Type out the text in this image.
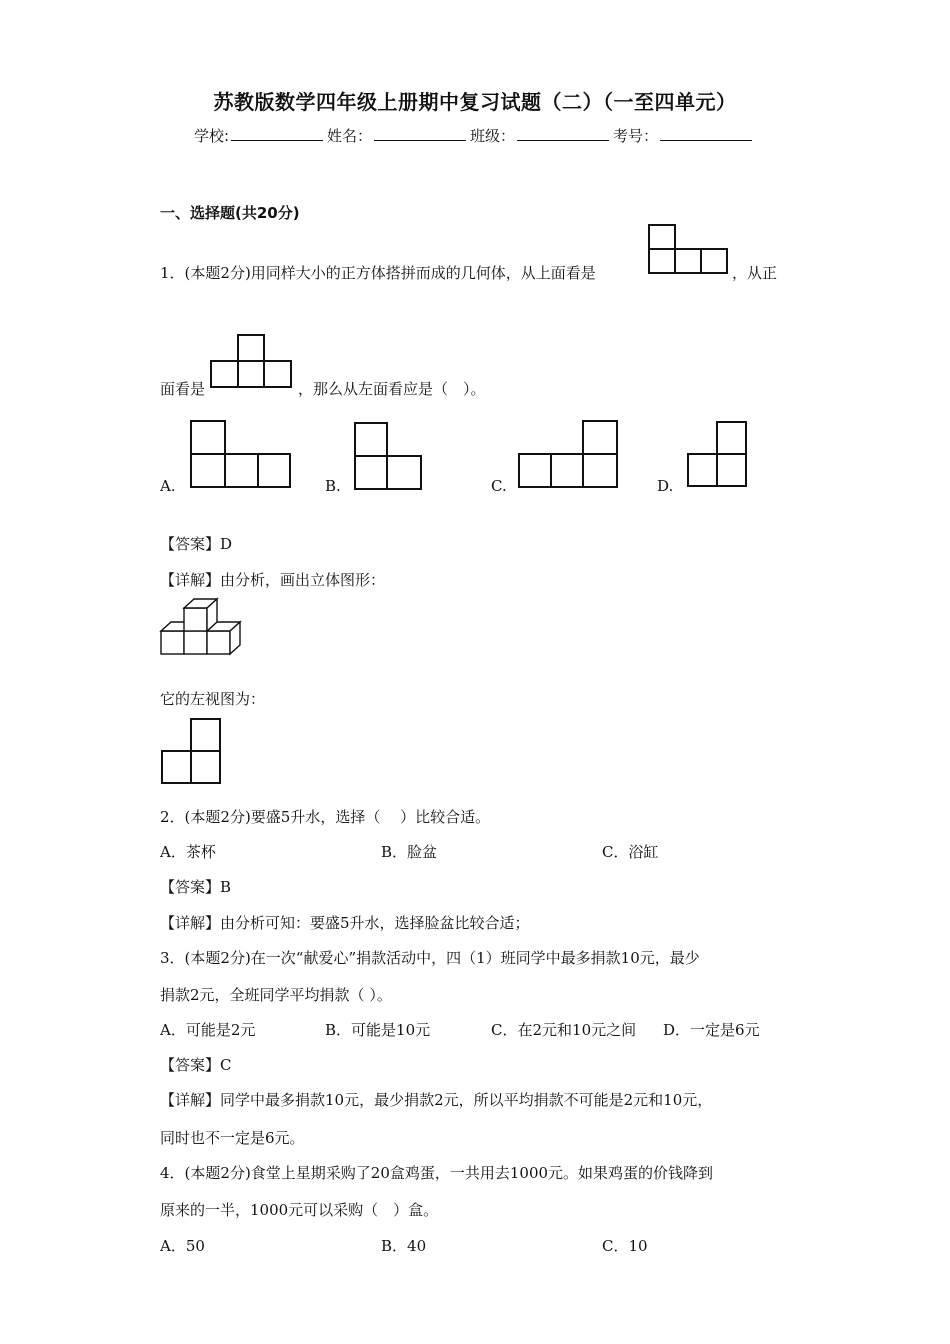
苏教版数学四年级上册期中复习试题（二）（一至四单元）
学校:	姓名：	班级：	考号：
一、选择题(共20分)
1．(本题2分)用同样大小的正方体搭拼而成的几何体，从上面看是	，从正
面看是	，那么从左面看应是（　）。
A.	B.	C.	D.
【答案】D
【详解】由分析，画出立体图形：
它的左视图为：
2．(本题2分)要盛5升水，选择（　 ）比较合适。
A．茶杯	B．脸盆	C．浴缸
【答案】B
【详解】由分析可知：要盛5升水，选择脸盆比较合适；
3．(本题2分)在一次“献爱心”捐款活动中，四（1）班同学中最多捐款10元，最少
捐款2元，全班同学平均捐款（ ）。
A．可能是2元	B．可能是10元	C．在2元和10元之间 D．一定是6元
【答案】C
【详解】同学中最多捐款10元，最少捐款2元，所以平均捐款不可能是2元和10元，
同时也不一定是6元。
4．(本题2分)食堂上星期采购了20盒鸡蛋，一共用去1000元。如果鸡蛋的价钱降到
原来的一半，1000元可以采购（　）盒。
A．50	B．40	C．10
